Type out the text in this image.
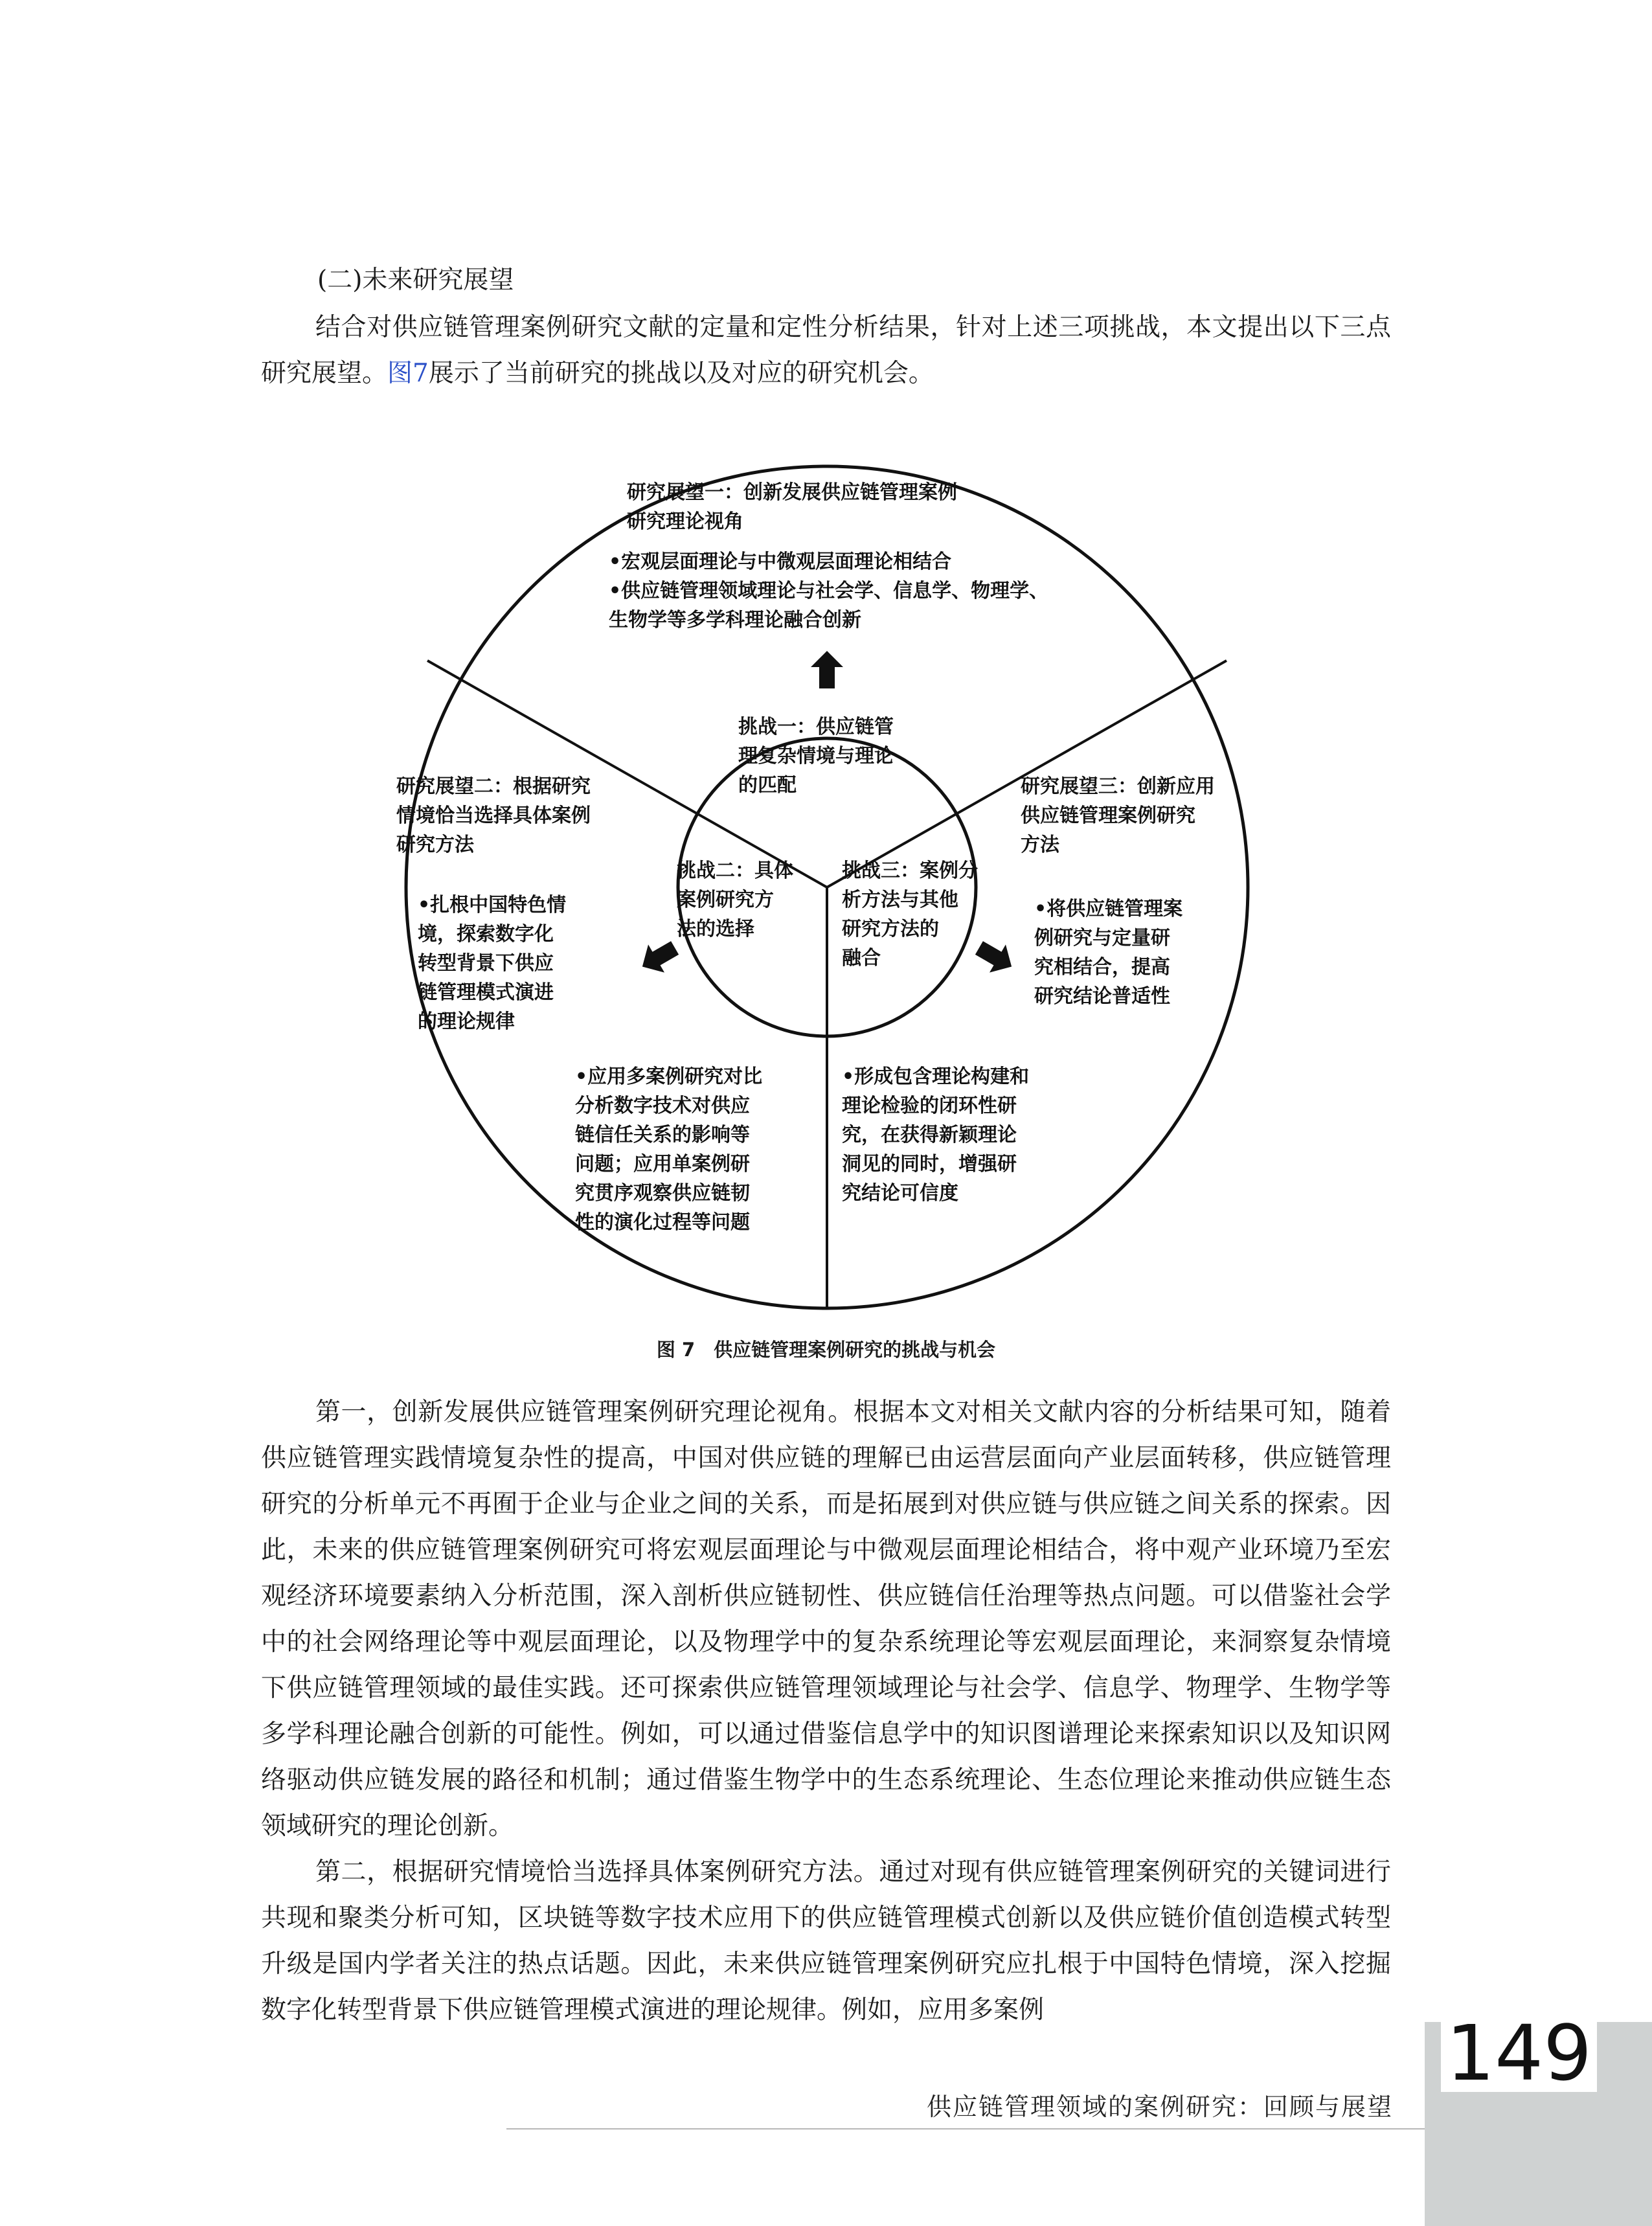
(二)未来研究展望

结合对供应链管理案例研究文献的定量和定性分析结果，针对上述三项挑战，本文提出以下三点研究展望。图7展示了当前研究的挑战以及对应的研究机会。

挑战一：供应链管
理复杂情境与理论
的匹配

挑战二：具体
案例研究方
法的选择

挑战三：案例分
析方法与其他
研究方法的
融合

研究展望一：创新发展供应链管理案例
研究理论视角

•宏观层面理论与中微观层面理论相结合
•供应链管理领域理论与社会学、信息学、物理学、
生物学等多学科理论融合创新

研究展望二：根据研究
情境恰当选择具体案例
研究方法

•扎根中国特色情
境，探索数字化
转型背景下供应
链管理模式演进
的理论规律

•应用多案例研究对比
分析数字技术对供应
链信任关系的影响等
问题；应用单案例研
究贯序观察供应链韧
性的演化过程等问题

研究展望三：创新应用
供应链管理案例研究
方法

•将供应链管理案
例研究与定量研
究相结合，提高
研究结论普适性

•形成包含理论构建和
理论检验的闭环性研
究，在获得新颖理论
洞见的同时，增强研
究结论可信度

图 7　供应链管理案例研究的挑战与机会

第一，创新发展供应链管理案例研究理论视角。根据本文对相关文献内容的分析结果可知，随着供应链管理实践情境复杂性的提高，中国对供应链的理解已由运营层面向产业层面转移，供应链管理研究的分析单元不再囿于企业与企业之间的关系，而是拓展到对供应链与供应链之间关系的探索。因此，未来的供应链管理案例研究可将宏观层面理论与中微观层面理论相结合，将中观产业环境乃至宏观经济环境要素纳入分析范围，深入剖析供应链韧性、供应链信任治理等热点问题。可以借鉴社会学中的社会网络理论等中观层面理论，以及物理学中的复杂系统理论等宏观层面理论，来洞察复杂情境下供应链管理领域的最佳实践。还可探索供应链管理领域理论与社会学、信息学、物理学、生物学等多学科理论融合创新的可能性。例如，可以通过借鉴信息学中的知识图谱理论来探索知识以及知识网络驱动供应链发展的路径和机制；通过借鉴生物学中的生态系统理论、生态位理论来推动供应链生态领域研究的理论创新。

第二，根据研究情境恰当选择具体案例研究方法。通过对现有供应链管理案例研究的关键词进行共现和聚类分析可知，区块链等数字技术应用下的供应链管理模式创新以及供应链价值创造模式转型升级是国内学者关注的热点话题。因此，未来供应链管理案例研究应扎根于中国特色情境，深入挖掘数字化转型背景下供应链管理模式演进的理论规律。例如，应用多案例	149
供应链管理领域的案例研究：回顾与展望
